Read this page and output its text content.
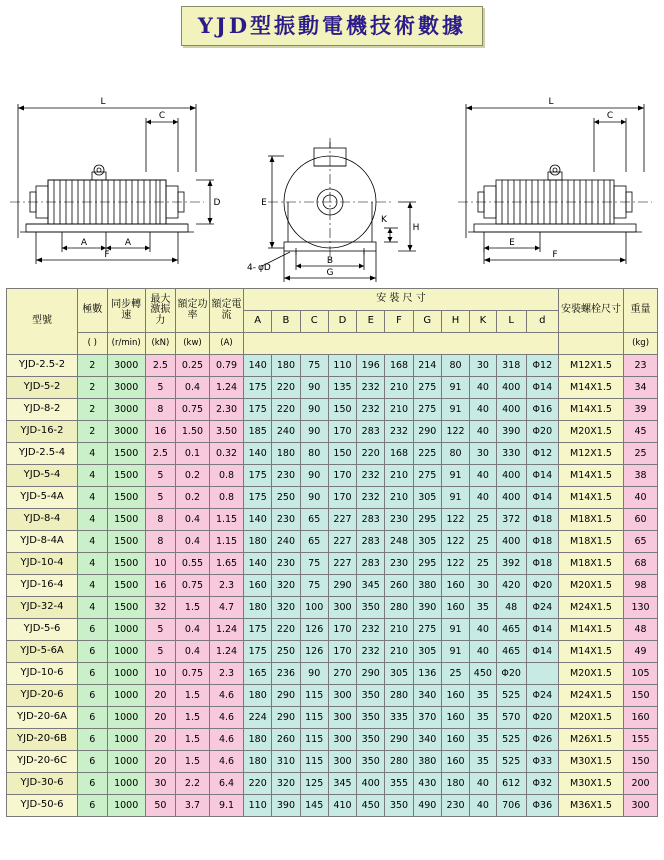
YJD型振動電機技術數據
L
C
A	A
F
D	E
K
H
B
G
4- φD
L
C
E
F
型號	極數	同步轉速	最大激振力	額定功率	額定電流	安 裝 尺 寸											安裝螺栓尺寸	重量
						A	B	C	D	E	F	G	H	K	L	d		
	( )	(r/min)	(kN)	(kw)	(A)													(kg)
YJD-2.5-2	2	3000	2.5	0.25	0.79	140	180	75	110	196	168	214	80	30	318	Φ12	M12X1.5	23
YJD-5-2	2	3000	5	0.4	1.24	175	220	90	135	232	210	275	91	40	400	Φ14	M14X1.5	34
YJD-8-2	2	3000	8	0.75	2.30	175	220	90	150	232	210	275	91	40	400	Φ16	M14X1.5	39
YJD-16-2	2	3000	16	1.50	3.50	185	240	90	170	283	232	290	122	40	390	Φ20	M20X1.5	45
YJD-2.5-4	4	1500	2.5	0.1	0.32	140	180	80	150	220	168	225	80	30	330	Φ12	M12X1.5	25
YJD-5-4	4	1500	5	0.2	0.8	175	230	90	170	232	210	275	91	40	400	Φ14	M14X1.5	38
YJD-5-4A	4	1500	5	0.2	0.8	175	250	90	170	232	210	305	91	40	400	Φ14	M14X1.5	40
YJD-8-4	4	1500	8	0.4	1.15	140	230	65	227	283	230	295	122	25	372	Φ18	M18X1.5	60
YJD-8-4A	4	1500	8	0.4	1.15	180	240	65	227	283	248	305	122	25	400	Φ18	M18X1.5	65
YJD-10-4	4	1500	10	0.55	1.65	140	230	75	227	283	230	295	122	25	392	Φ18	M18X1.5	68
YJD-16-4	4	1500	16	0.75	2.3	160	320	75	290	345	260	380	160	30	420	Φ20	M20X1.5	98
YJD-32-4	4	1500	32	1.5	4.7	180	320	100	300	350	280	390	160	35	48	Φ24	M24X1.5	130
YJD-5-6	6	1000	5	0.4	1.24	175	220	126	170	232	210	275	91	40	465	Φ14	M14X1.5	48
YJD-5-6A	6	1000	5	0.4	1.24	175	250	126	170	232	210	305	91	40	465	Φ14	M14X1.5	49
YJD-10-6	6	1000	10	0.75	2.3	165	236	90	270	290	305	136	25	450	Φ20		M20X1.5	105
YJD-20-6	6	1000	20	1.5	4.6	180	290	115	300	350	280	340	160	35	525	Φ24	M24X1.5	150
YJD-20-6A	6	1000	20	1.5	4.6	224	290	115	300	350	335	370	160	35	570	Φ20	M20X1.5	160
YJD-20-6B	6	1000	20	1.5	4.6	180	260	115	300	350	290	340	160	35	525	Φ26	M26X1.5	155
YJD-20-6C	6	1000	20	1.5	4.6	180	310	115	300	350	280	380	160	35	525	Φ33	M30X1.5	150
YJD-30-6	6	1000	30	2.2	6.4	220	320	125	345	400	355	430	180	40	612	Φ32	M30X1.5	200
YJD-50-6	6	1000	50	3.7	9.1	110	390	145	410	450	350	490	230	40	706	Φ36	M36X1.5	300
